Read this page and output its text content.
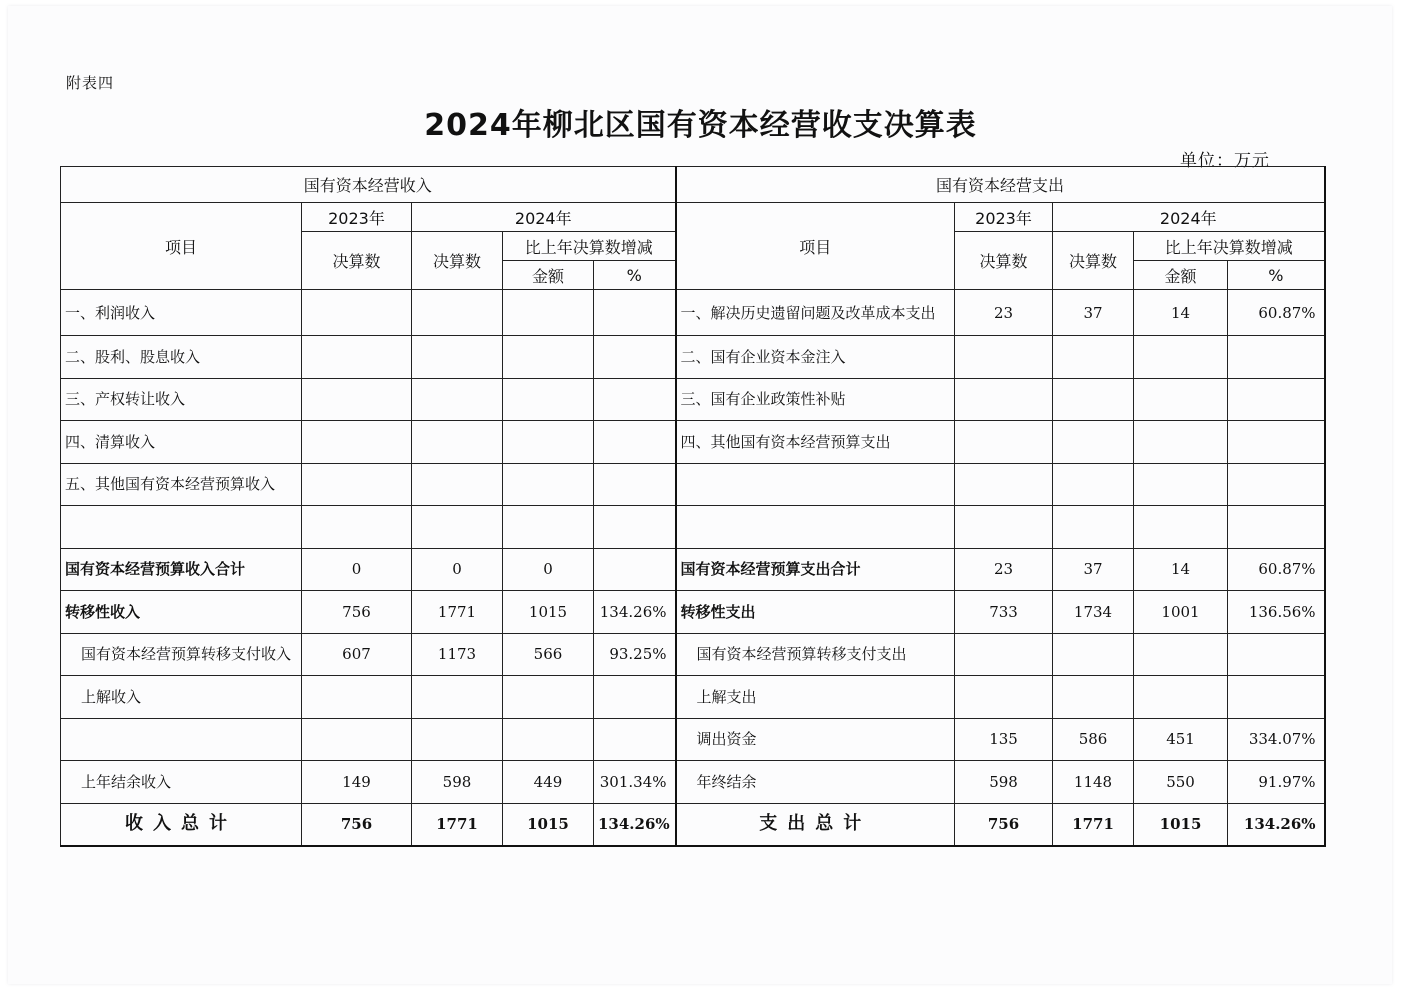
附表四
2024年柳北区国有资本经营收支决算表
单位：万元
国有资本经营收入					国有资本经营支出				
项目	2023年	2024年			项目	2023年	2024年		
	决算数	决算数	比上年决算数增减			决算数	决算数	比上年决算数增减	
			金额	%				金额	%
一、利润收入					一、解决历史遗留问题及改革成本支出	23	37	14	60.87%
二、股利、股息收入					二、国有企业资本金注入				
三、产权转让收入					三、国有企业政策性补贴				
四、清算收入					四、其他国有资本经营预算支出				
五、其他国有资本经营预算收入									

国有资本经营预算收入合计	0	0	0		国有资本经营预算支出合计	23	37	14	60.87%
转移性收入	756	1771	1015	134.26%	转移性支出	733	1734	1001	136.56%
国有资本经营预算转移支付收入	607	1173	566	93.25%	国有资本经营预算转移支付支出				
上解收入					上解支出				
					调出资金	135	586	451	334.07%
上年结余收入	149	598	449	301.34%	年终结余	598	1148	550	91.97%
收入总计	756	1771	1015	134.26%	支出总计	756	1771	1015	134.26%
